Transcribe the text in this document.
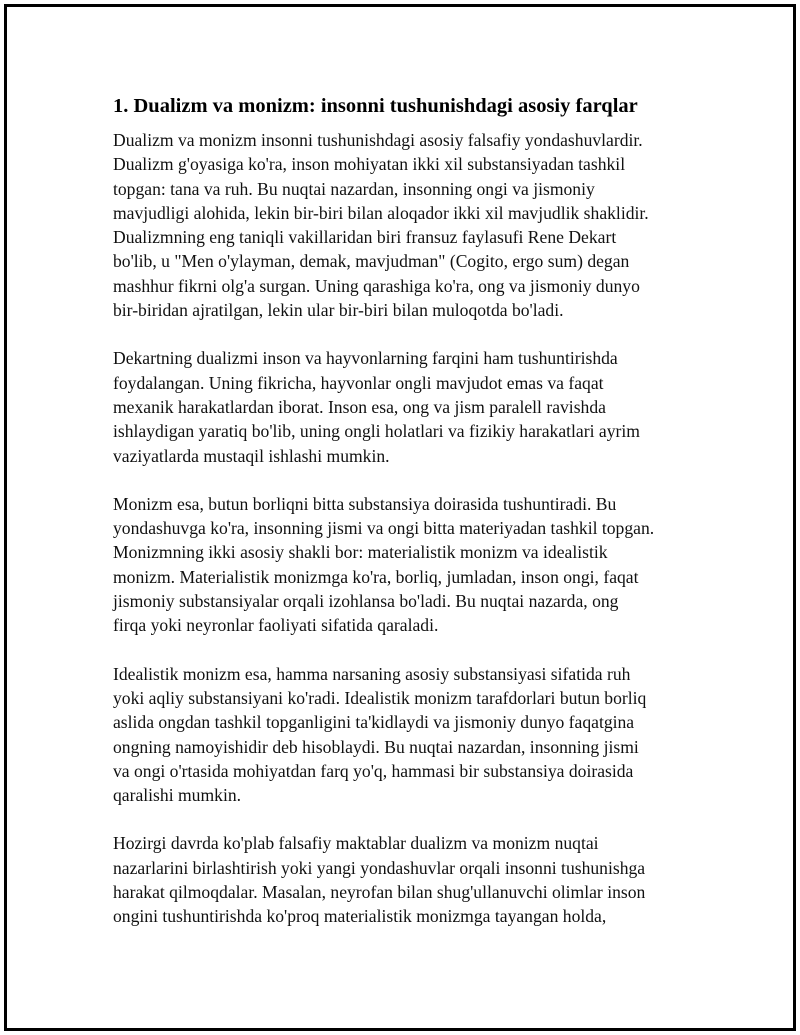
1. Dualizm va monizm: insonni tushunishdagi asosiy farqlar

Dualizm va monizm insonni tushunishdagi asosiy falsafiy yondashuvlardir.
Dualizm g'oyasiga ko'ra, inson mohiyatan ikki xil substansiyadan tashkil
topgan: tana va ruh. Bu nuqtai nazardan, insonning ongi va jismoniy
mavjudligi alohida, lekin bir-biri bilan aloqador ikki xil mavjudlik shaklidir.
Dualizmning eng taniqli vakillaridan biri fransuz faylasufi Rene Dekart
bo'lib, u "Men o'ylayman, demak, mavjudman" (Cogito, ergo sum) degan
mashhur fikrni olg'a surgan. Uning qarashiga ko'ra, ong va jismoniy dunyo
bir-biridan ajratilgan, lekin ular bir-biri bilan muloqotda bo'ladi.

Dekartning dualizmi inson va hayvonlarning farqini ham tushuntirishda
foydalangan. Uning fikricha, hayvonlar ongli mavjudot emas va faqat
mexanik harakatlardan iborat. Inson esa, ong va jism paralell ravishda
ishlaydigan yaratiq bo'lib, uning ongli holatlari va fizikiy harakatlari ayrim
vaziyatlarda mustaqil ishlashi mumkin.

Monizm esa, butun borliqni bitta substansiya doirasida tushuntiradi. Bu
yondashuvga ko'ra, insonning jismi va ongi bitta materiyadan tashkil topgan.
Monizmning ikki asosiy shakli bor: materialistik monizm va idealistik
monizm. Materialistik monizmga ko'ra, borliq, jumladan, inson ongi, faqat
jismoniy substansiyalar orqali izohlansa bo'ladi. Bu nuqtai nazarda, ong
firqa yoki neyronlar faoliyati sifatida qaraladi.

Idealistik monizm esa, hamma narsaning asosiy substansiyasi sifatida ruh
yoki aqliy substansiyani ko'radi. Idealistik monizm tarafdorlari butun borliq
aslida ongdan tashkil topganligini ta'kidlaydi va jismoniy dunyo faqatgina
ongning namoyishidir deb hisoblaydi. Bu nuqtai nazardan, insonning jismi
va ongi o'rtasida mohiyatdan farq yo'q, hammasi bir substansiya doirasida
qaralishi mumkin.

Hozirgi davrda ko'plab falsafiy maktablar dualizm va monizm nuqtai
nazarlarini birlashtirish yoki yangi yondashuvlar orqali insonni tushunishga
harakat qilmoqdalar. Masalan, neyrofan bilan shug'ullanuvchi olimlar inson
ongini tushuntirishda ko'proq materialistik monizmga tayangan holda,
